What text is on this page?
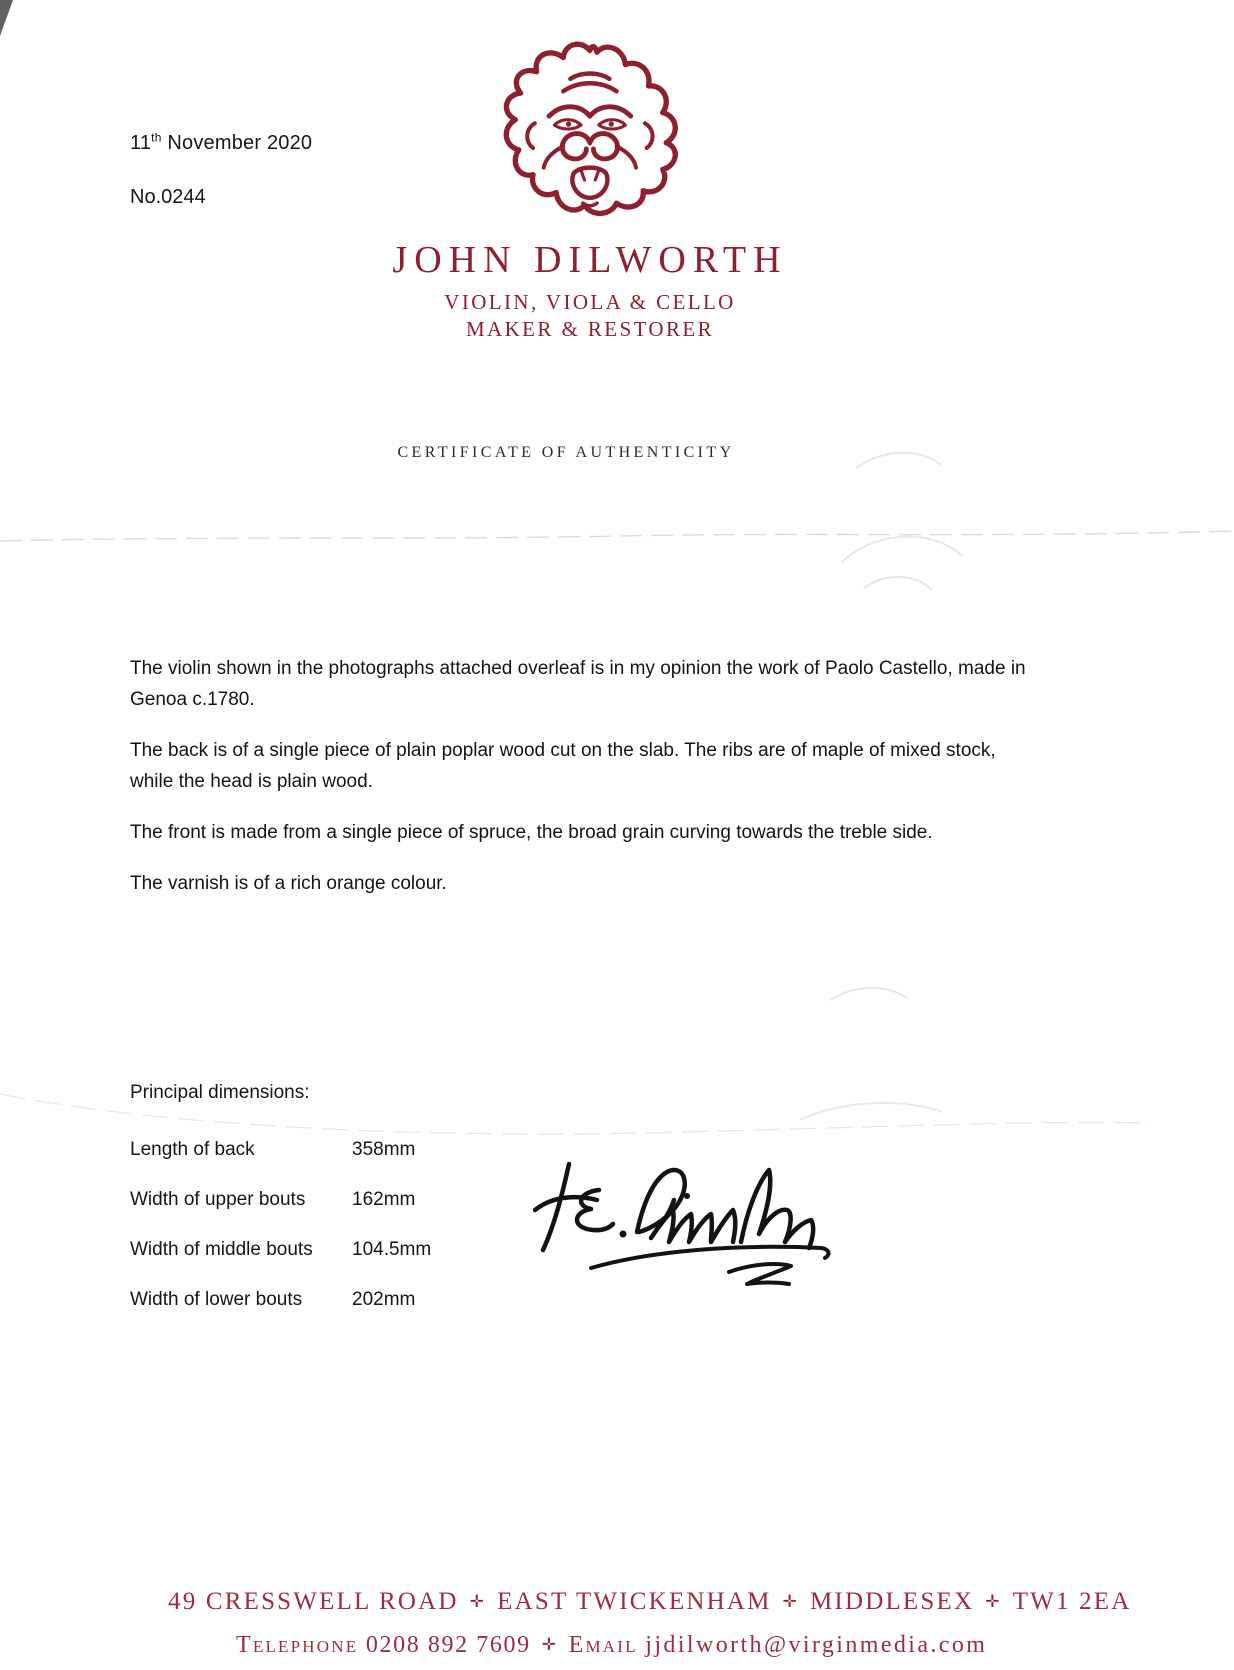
11th November 2020
No.0244
JOHN DILWORTH
VIOLIN, VIOLA & CELLO
MAKER & RESTORER
CERTIFICATE OF AUTHENTICITY

The violin shown in the photographs attached overleaf is in my opinion the work of Paolo Castello, made in Genoa c.1780.

The back is of a single piece of plain poplar wood cut on the slab. The ribs are of maple of mixed stock, while the head is plain wood.

The front is made from a single piece of spruce, the broad grain curving towards the treble side.

The varnish is of a rich orange colour.

Principal dimensions:
Length of back	358mm
Width of upper bouts	162mm
Width of middle bouts	104.5mm
Width of lower bouts	202mm
49 CRESSWELL ROAD ✛ EAST TWICKENHAM ✛ MIDDLESEX ✛ TW1 2EA
Telephone 0208 892 7609 ✛ Email jjdilworth@virginmedia.com
